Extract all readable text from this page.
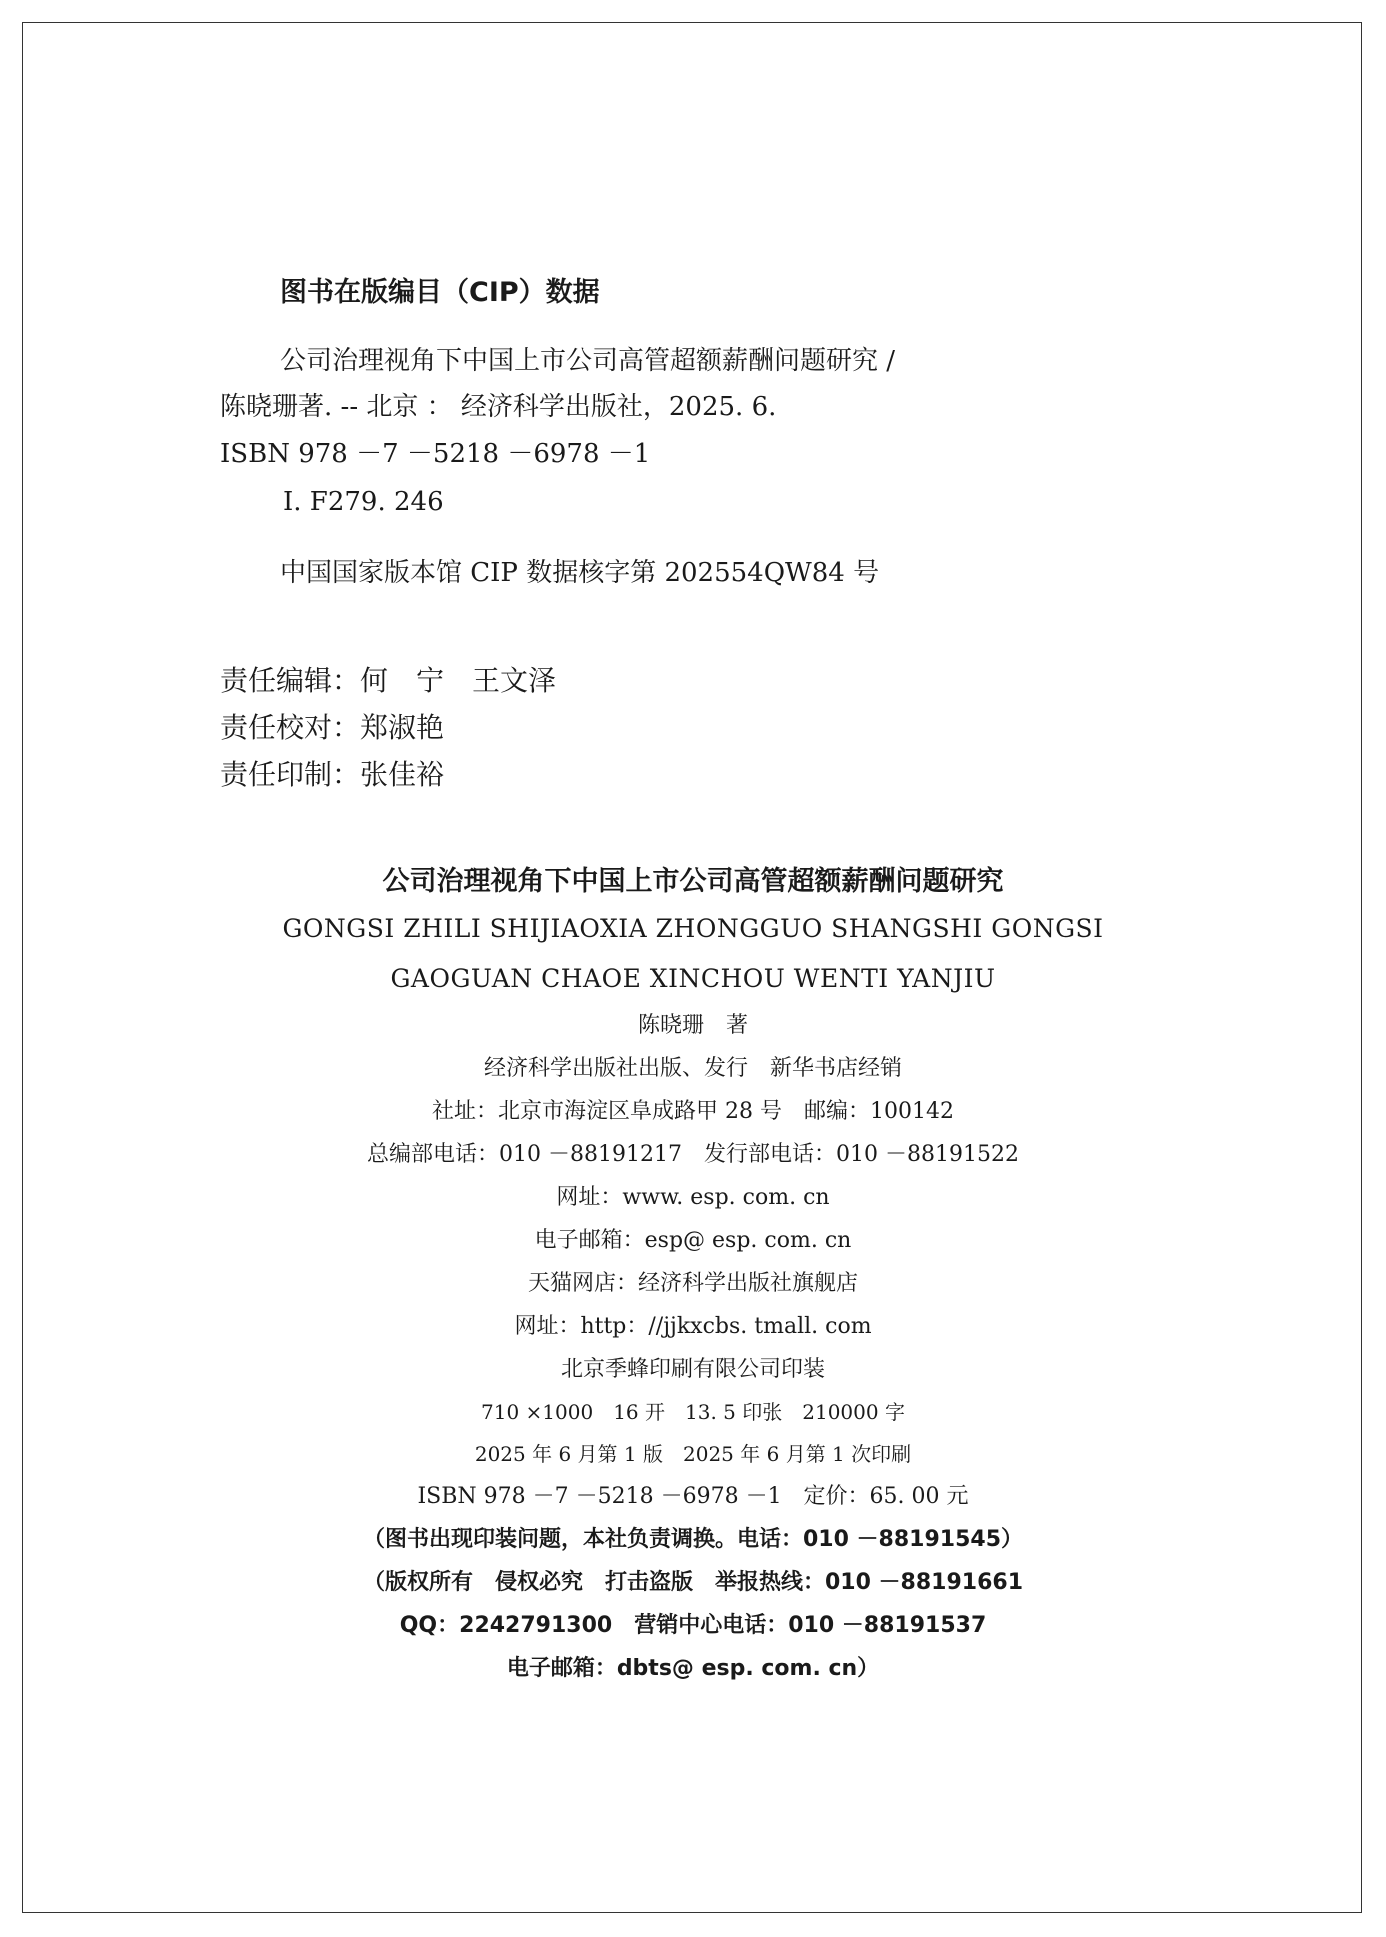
图书在版编目（CIP）数据
公司治理视角下中国上市公司高管超额薪酬问题研究 /
陈晓珊著. -- 北京 ： 经济科学出版社，2025. 6.
ISBN 978 －7 －5218 －6978 －1
Ⅰ. F279. 246
中国国家版本馆 CIP 数据核字第 202554QW84 号
责任编辑：何　宁　王文泽
责任校对：郑淑艳
责任印制：张佳裕
公司治理视角下中国上市公司高管超额薪酬问题研究
GONGSI ZHILI SHIJIAOXIA ZHONGGUO SHANGSHI GONGSI
GAOGUAN CHAOE XINCHOU WENTI YANJIU
陈晓珊　著
经济科学出版社出版、发行　新华书店经销
社址：北京市海淀区阜成路甲 28 号　邮编：100142
总编部电话：010 －88191217　发行部电话：010 －88191522
网址：www. esp. com. cn
电子邮箱：esp@ esp. com. cn
天猫网店：经济科学出版社旗舰店
网址：http：//jjkxcbs. tmall. com
北京季蜂印刷有限公司印装
710 ×1000　16 开　13. 5 印张　210000 字
2025 年 6 月第 1 版　2025 年 6 月第 1 次印刷
ISBN 978 －7 －5218 －6978 －1　定价：65. 00 元
（图书出现印装问题，本社负责调换。电话：010 －88191545）
（版权所有　侵权必究　打击盗版　举报热线：010 －88191661
QQ：2242791300　营销中心电话：010 －88191537
电子邮箱：dbts@ esp. com. cn）
